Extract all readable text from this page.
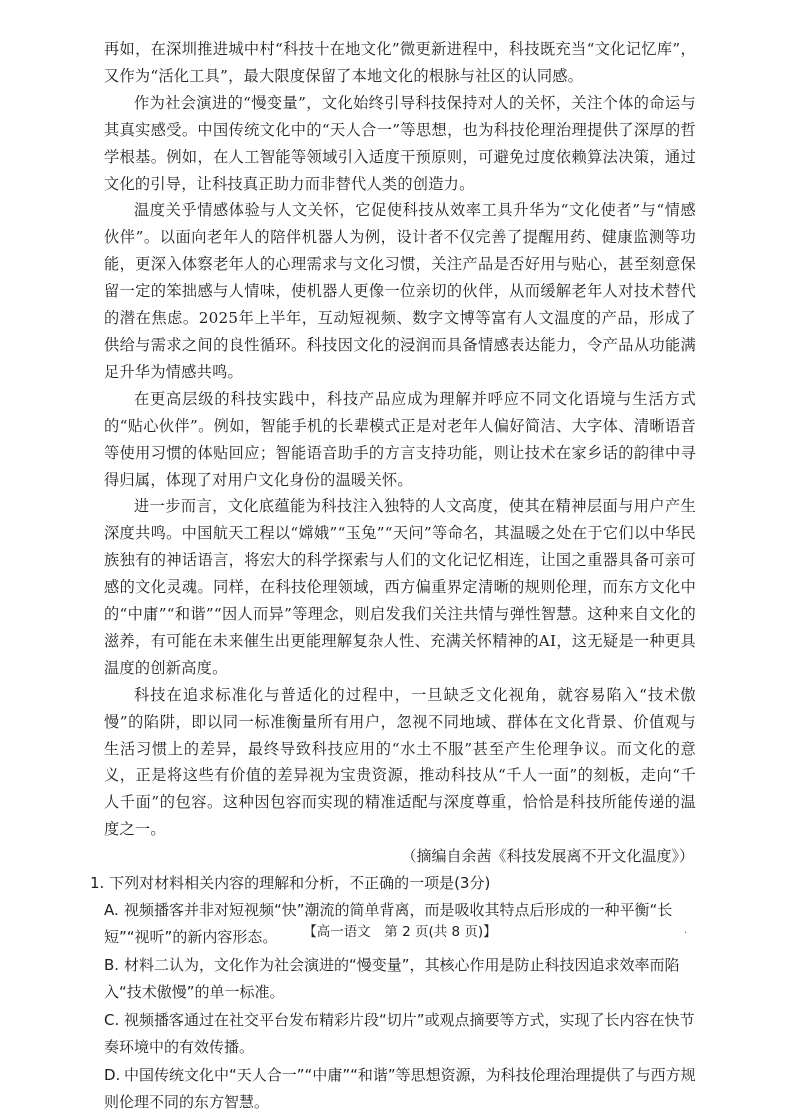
再如，在深圳推进城中村“科技十在地文化”微更新进程中，科技既充当“文化记忆库”，又作为“活化工具”，最大限度保留了本地文化的根脉与社区的认同感。

作为社会演进的“慢变量”，文化始终引导科技保持对人的关怀，关注个体的命运与其真实感受。中国传统文化中的“天人合一”等思想，也为科技伦理治理提供了深厚的哲学根基。例如，在人工智能等领域引入适度干预原则，可避免过度依赖算法决策，通过文化的引导，让科技真正助力而非替代人类的创造力。

温度关乎情感体验与人文关怀，它促使科技从效率工具升华为“文化使者”与“情感伙伴”。以面向老年人的陪伴机器人为例，设计者不仅完善了提醒用药、健康监测等功能，更深入体察老年人的心理需求与文化习惯，关注产品是否好用与贴心，甚至刻意保留一定的笨拙感与人情味，使机器人更像一位亲切的伙伴，从而缓解老年人对技术替代的潜在焦虑。2025年上半年，互动短视频、数字文博等富有人文温度的产品，形成了供给与需求之间的良性循环。科技因文化的浸润而具备情感表达能力，令产品从功能满足升华为情感共鸣。

在更高层级的科技实践中，科技产品应成为理解并呼应不同文化语境与生活方式的“贴心伙伴”。例如，智能手机的长辈模式正是对老年人偏好简洁、大字体、清晰语音等使用习惯的体贴回应；智能语音助手的方言支持功能，则让技术在家乡话的韵律中寻得归属，体现了对用户文化身份的温暖关怀。

进一步而言，文化底蕴能为科技注入独特的人文高度，使其在精神层面与用户产生深度共鸣。中国航天工程以“嫦娥”“玉兔”“天问”等命名，其温暖之处在于它们以中华民族独有的神话语言，将宏大的科学探索与人们的文化记忆相连，让国之重器具备可亲可感的文化灵魂。同样，在科技伦理领域，西方偏重界定清晰的规则伦理，而东方文化中的“中庸”“和谐”“因人而异”等理念，则启发我们关注共情与弹性智慧。这种来自文化的滋养，有可能在未来催生出更能理解复杂人性、充满关怀精神的AI，这无疑是一种更具温度的创新高度。

科技在追求标准化与普适化的过程中，一旦缺乏文化视角，就容易陷入“技术傲慢”的陷阱，即以同一标准衡量所有用户，忽视不同地域、群体在文化背景、价值观与生活习惯上的差异，最终导致科技应用的“水土不服”甚至产生伦理争议。而文化的意义，正是将这些有价值的差异视为宝贵资源，推动科技从“千人一面”的刻板，走向“千人千面”的包容。这种因包容而实现的精准适配与深度尊重，恰恰是科技所能传递的温度之一。

（摘编自余茜《科技发展离不开文化温度》）

1. 下列对材料相关内容的理解和分析，不正确的一项是(3分)

A. 视频播客并非对短视频“快”潮流的简单背离，而是吸收其特点后形成的一种平衡“长短”“视听”的新内容形态。

B. 材料二认为，文化作为社会演进的“慢变量”，其核心作用是防止科技因追求效率而陷入“技术傲慢”的单一标准。

C. 视频播客通过在社交平台发布精彩片段“切片”或观点摘要等方式，实现了长内容在快节奏环境中的有效传播。

D. 中国传统文化中“天人合一”“中庸”“和谐”等思想资源，为科技伦理治理提供了与西方规则伦理不同的东方智慧。

【高一语文　第 2 页(共 8 页)】	.
